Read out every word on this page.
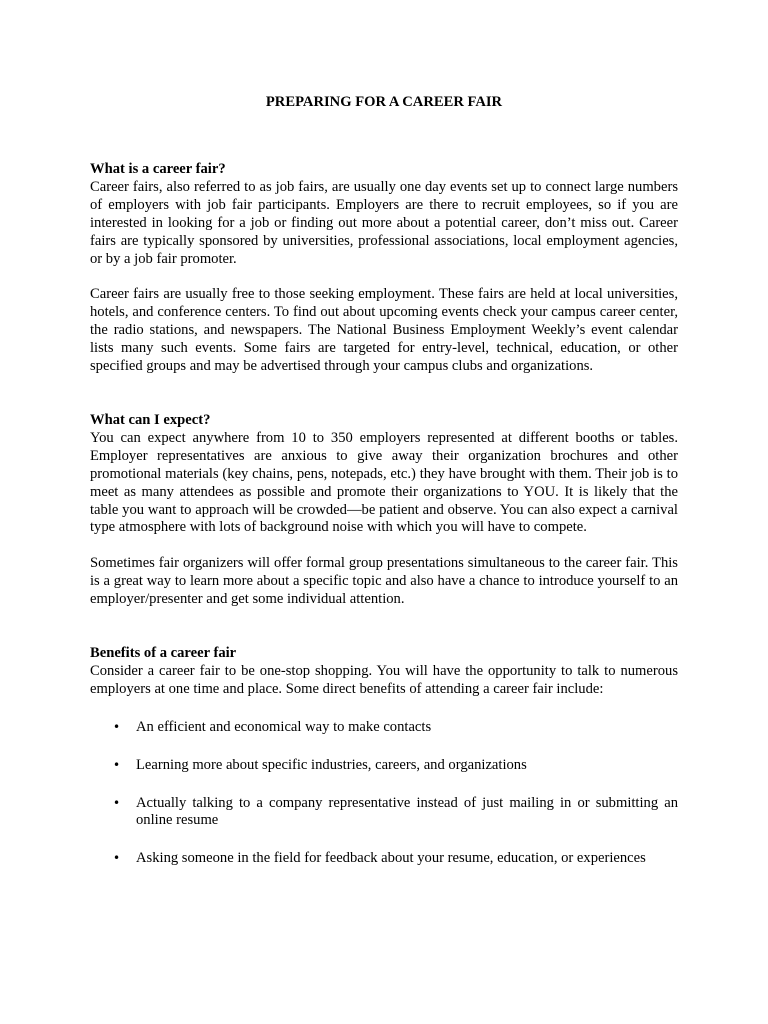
PREPARING FOR A CAREER FAIR

What is a career fair?

Career fairs, also referred to as job fairs, are usually one day events set up to connect large numbers of employers with job fair participants. Employers are there to recruit employees, so if you are interested in looking for a job or finding out more about a potential career, don’t miss out. Career fairs are typically sponsored by universities, professional associations, local employment agencies, or by a job fair promoter.

Career fairs are usually free to those seeking employment. These fairs are held at local universities, hotels, and conference centers. To find out about upcoming events check your campus career center, the radio stations, and newspapers. The National Business Employment Weekly’s event calendar lists many such events. Some fairs are targeted for entry-level, technical, education, or other specified groups and may be advertised through your campus clubs and organizations.

What can I expect?

You can expect anywhere from 10 to 350 employers represented at different booths or tables. Employer representatives are anxious to give away their organization brochures and other promotional materials (key chains, pens, notepads, etc.) they have brought with them. Their job is to meet as many attendees as possible and promote their organizations to YOU. It is likely that the table you want to approach will be crowded—be patient and observe. You can also expect a carnival type atmosphere with lots of background noise with which you will have to compete.

Sometimes fair organizers will offer formal group presentations simultaneous to the career fair. This is a great way to learn more about a specific topic and also have a chance to introduce yourself to an employer/presenter and get some individual attention.

Benefits of a career fair

Consider a career fair to be one-stop shopping. You will have the opportunity to talk to numerous employers at one time and place. Some direct benefits of attending a career fair include:

•	An efficient and economical way to make contacts
•	Learning more about specific industries, careers, and organizations
•	Actually talking to a company representative instead of just mailing in or submitting an online resume
•	Asking someone in the field for feedback about your resume, education, or experiences
